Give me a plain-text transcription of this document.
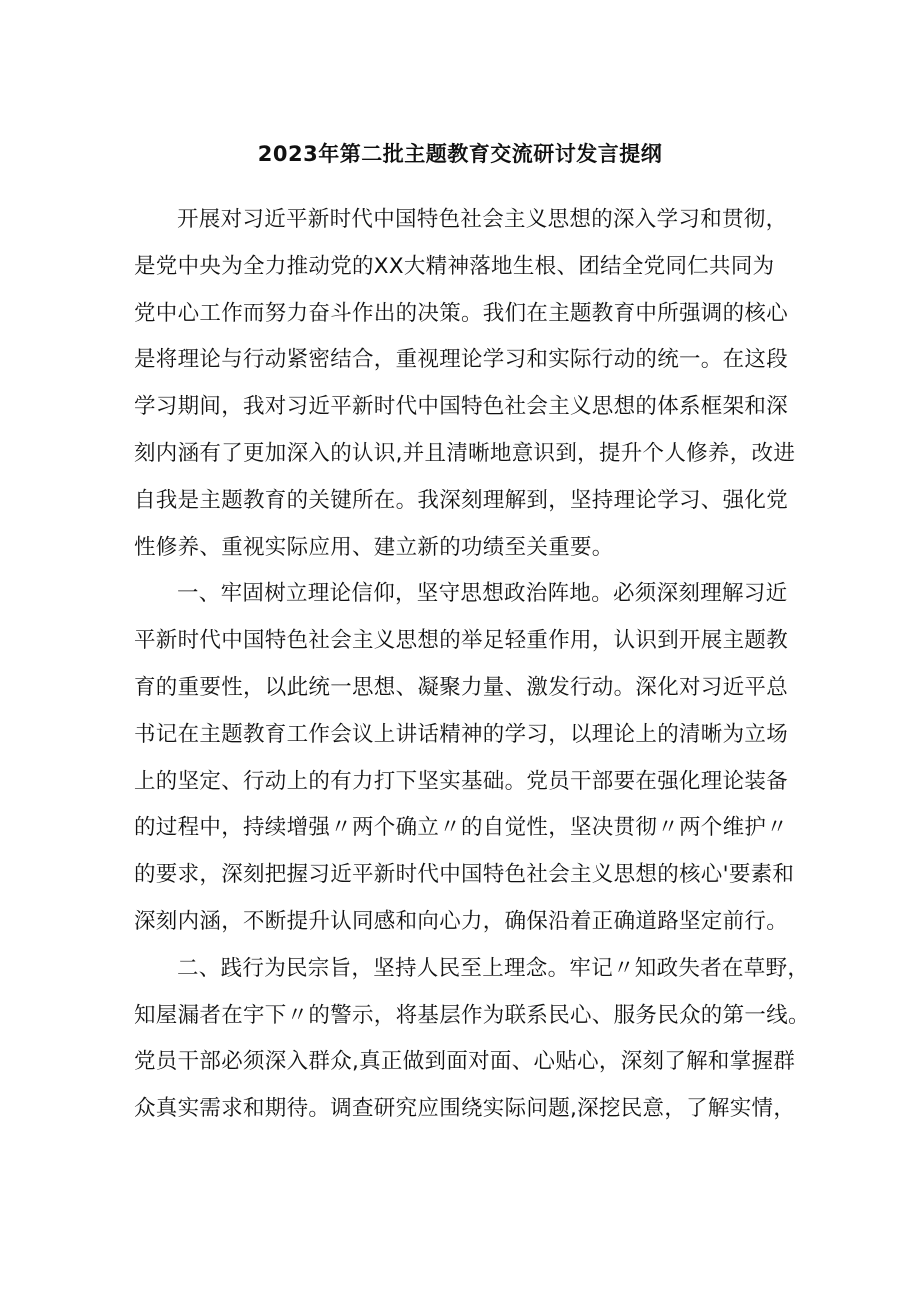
2023年第二批主题教育交流研讨发言提纲

开展对习近平新时代中国特色社会主义思想的深入学习和贯彻，

是党中央为全力推动党的XX大精神落地生根、团结全党同仁共同为

党中心工作而努力奋斗作出的决策。我们在主题教育中所强调的核心

是将理论与行动紧密结合，重视理论学习和实际行动的统一。在这段

学习期间，我对习近平新时代中国特色社会主义思想的体系框架和深

刻内涵有了更加深入的认识,并且清晰地意识到，提升个人修养，改进

自我是主题教育的关键所在。我深刻理解到，坚持理论学习、强化党

性修养、重视实际应用、建立新的功绩至关重要。

一、牢固树立理论信仰，坚守思想政治阵地。必须深刻理解习近

平新时代中国特色社会主义思想的举足轻重作用，认识到开展主题教

育的重要性，以此统一思想、凝聚力量、激发行动。深化对习近平总

书记在主题教育工作会议上讲话精神的学习，以理论上的清晰为立场

上的坚定、行动上的有力打下坚实基础。党员干部要在强化理论装备

的过程中，持续增强〃两个确立〃的自觉性，坚决贯彻〃两个维护〃

的要求，深刻把握习近平新时代中国特色社会主义思想的核心'要素和

深刻内涵，不断提升认同感和向心力，确保沿着正确道路坚定前行。

二、践行为民宗旨，坚持人民至上理念。牢记〃知政失者在草野，

知屋漏者在宇下〃的警示，将基层作为联系民心、服务民众的第一线。

党员干部必须深入群众,真正做到面对面、心贴心，深刻了解和掌握群

众真实需求和期待。调查研究应围绕实际问题,深挖民意，了解实情，
